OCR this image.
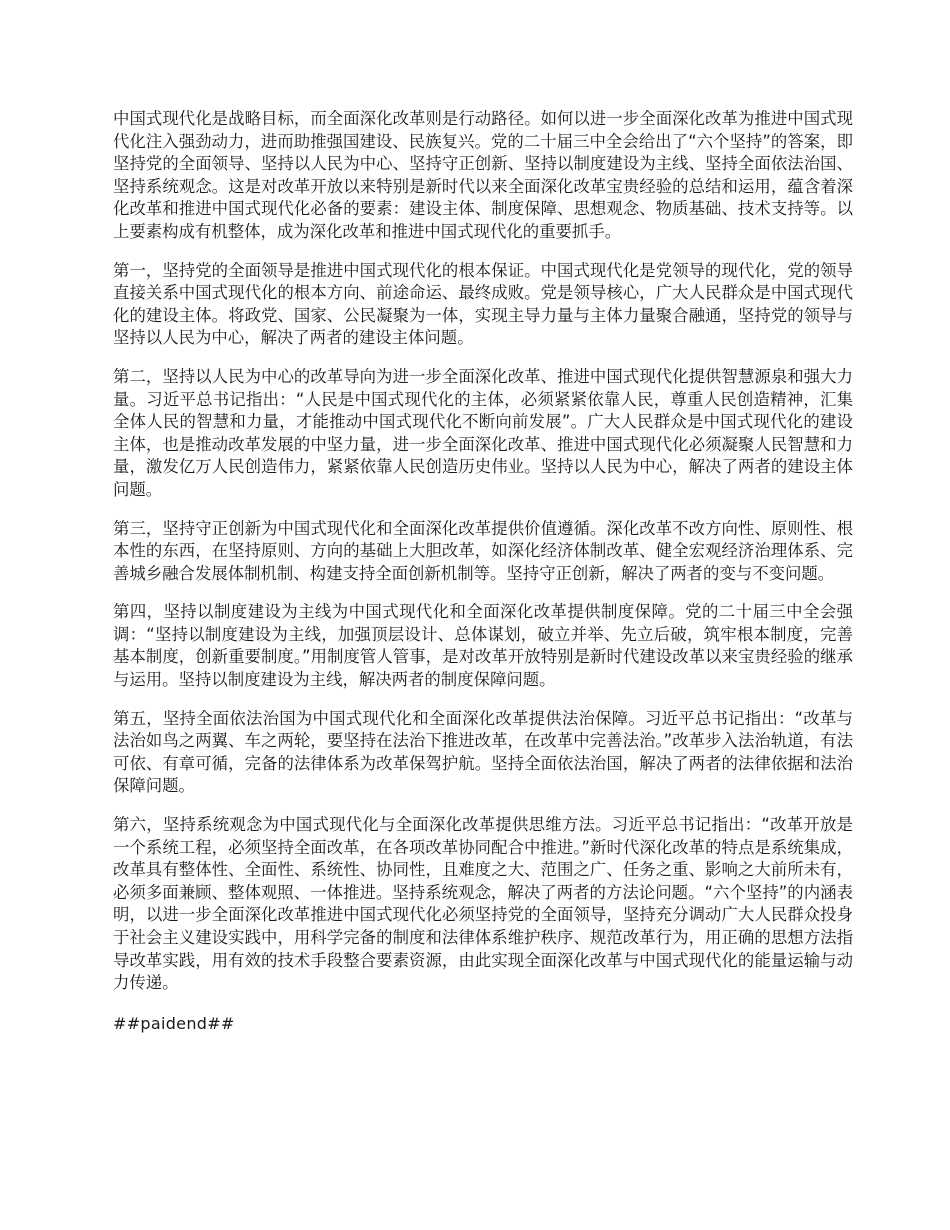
中国式现代化是战略目标，而全面深化改革则是行动路径。如何以进一步全面深化改革为推进中国式现代化注入强劲动力，进而助推强国建设、民族复兴。党的二十届三中全会给出了“六个坚持”的答案，即坚持党的全面领导、坚持以人民为中心、坚持守正创新、坚持以制度建设为主线、坚持全面依法治国、坚持系统观念。这是对改革开放以来特别是新时代以来全面深化改革宝贵经验的总结和运用，蕴含着深化改革和推进中国式现代化必备的要素：建设主体、制度保障、思想观念、物质基础、技术支持等。以上要素构成有机整体，成为深化改革和推进中国式现代化的重要抓手。

第一，坚持党的全面领导是推进中国式现代化的根本保证。中国式现代化是党领导的现代化，党的领导直接关系中国式现代化的根本方向、前途命运、最终成败。党是领导核心，广大人民群众是中国式现代化的建设主体。将政党、国家、公民凝聚为一体，实现主导力量与主体力量聚合融通，坚持党的领导与坚持以人民为中心，解决了两者的建设主体问题。

第二，坚持以人民为中心的改革导向为进一步全面深化改革、推进中国式现代化提供智慧源泉和强大力量。习近平总书记指出：“人民是中国式现代化的主体，必须紧紧依靠人民，尊重人民创造精神，汇集全体人民的智慧和力量，才能推动中国式现代化不断向前发展”。广大人民群众是中国式现代化的建设主体，也是推动改革发展的中坚力量，进一步全面深化改革、推进中国式现代化必须凝聚人民智慧和力量，激发亿万人民创造伟力，紧紧依靠人民创造历史伟业。坚持以人民为中心，解决了两者的建设主体问题。

第三，坚持守正创新为中国式现代化和全面深化改革提供价值遵循。深化改革不改方向性、原则性、根本性的东西，在坚持原则、方向的基础上大胆改革，如深化经济体制改革、健全宏观经济治理体系、完善城乡融合发展体制机制、构建支持全面创新机制等。坚持守正创新，解决了两者的变与不变问题。

第四，坚持以制度建设为主线为中国式现代化和全面深化改革提供制度保障。党的二十届三中全会强调：“坚持以制度建设为主线，加强顶层设计、总体谋划，破立并举、先立后破，筑牢根本制度，完善基本制度，创新重要制度。”用制度管人管事，是对改革开放特别是新时代建设改革以来宝贵经验的继承与运用。坚持以制度建设为主线，解决两者的制度保障问题。

第五，坚持全面依法治国为中国式现代化和全面深化改革提供法治保障。习近平总书记指出：“改革与法治如鸟之两翼、车之两轮，要坚持在法治下推进改革，在改革中完善法治。”改革步入法治轨道，有法可依、有章可循，完备的法律体系为改革保驾护航。坚持全面依法治国，解决了两者的法律依据和法治保障问题。

第六，坚持系统观念为中国式现代化与全面深化改革提供思维方法。习近平总书记指出：“改革开放是一个系统工程，必须坚持全面改革，在各项改革协同配合中推进。”新时代深化改革的特点是系统集成，改革具有整体性、全面性、系统性、协同性，且难度之大、范围之广、任务之重、影响之大前所未有，必须多面兼顾、整体观照、一体推进。坚持系统观念，解决了两者的方法论问题。“六个坚持”的内涵表明，以进一步全面深化改革推进中国式现代化必须坚持党的全面领导，坚持充分调动广大人民群众投身于社会主义建设实践中，用科学完备的制度和法律体系维护秩序、规范改革行为，用正确的思想方法指导改革实践，用有效的技术手段整合要素资源，由此实现全面深化改革与中国式现代化的能量运输与动力传递。

##paidend##
